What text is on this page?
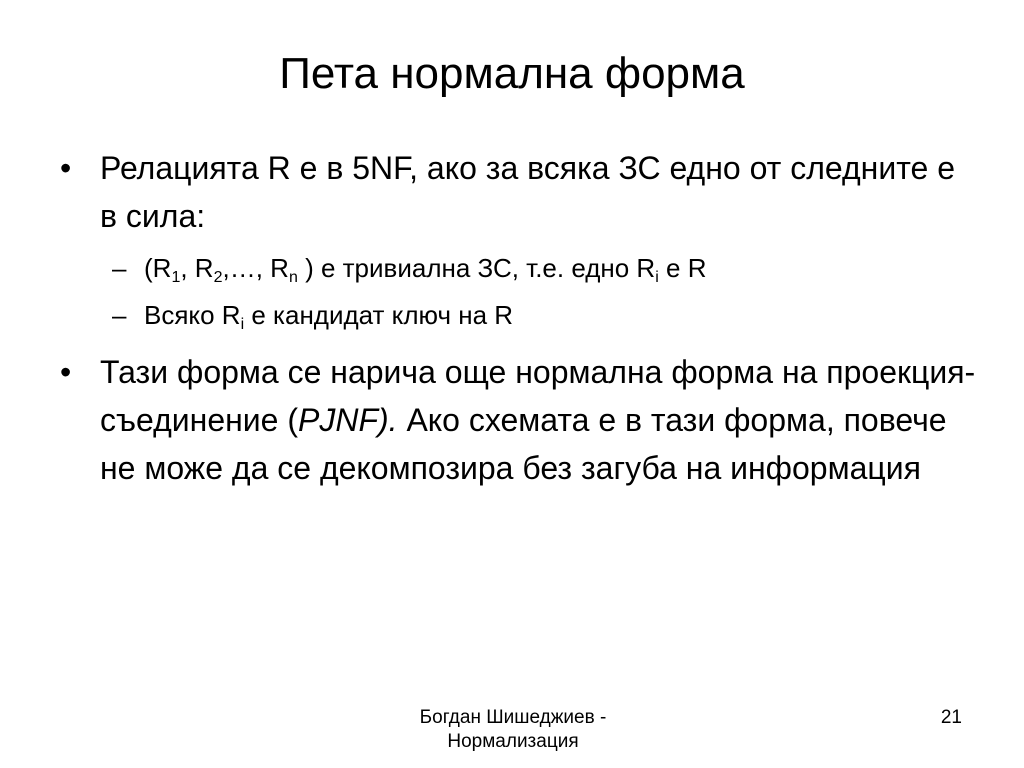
Пета нормална форма
• Релацията R е в 5NF, ако за всяка ЗС едно от следните е в сила:
– ($R_1$, $R_2,\dots$, $R_n$ ) е тривиална ЗС, т.е. едно $R_i$ е R
– Всяко $R_i$ е кандидат ключ на R
• Тази форма се нарича още нормална форма на проекция-съединение (PJNF). Ако схемата е в тази форма, повече не може да се декомпозира без загуба на информация
Богдан Шишеджиев -
Нормализация
21
